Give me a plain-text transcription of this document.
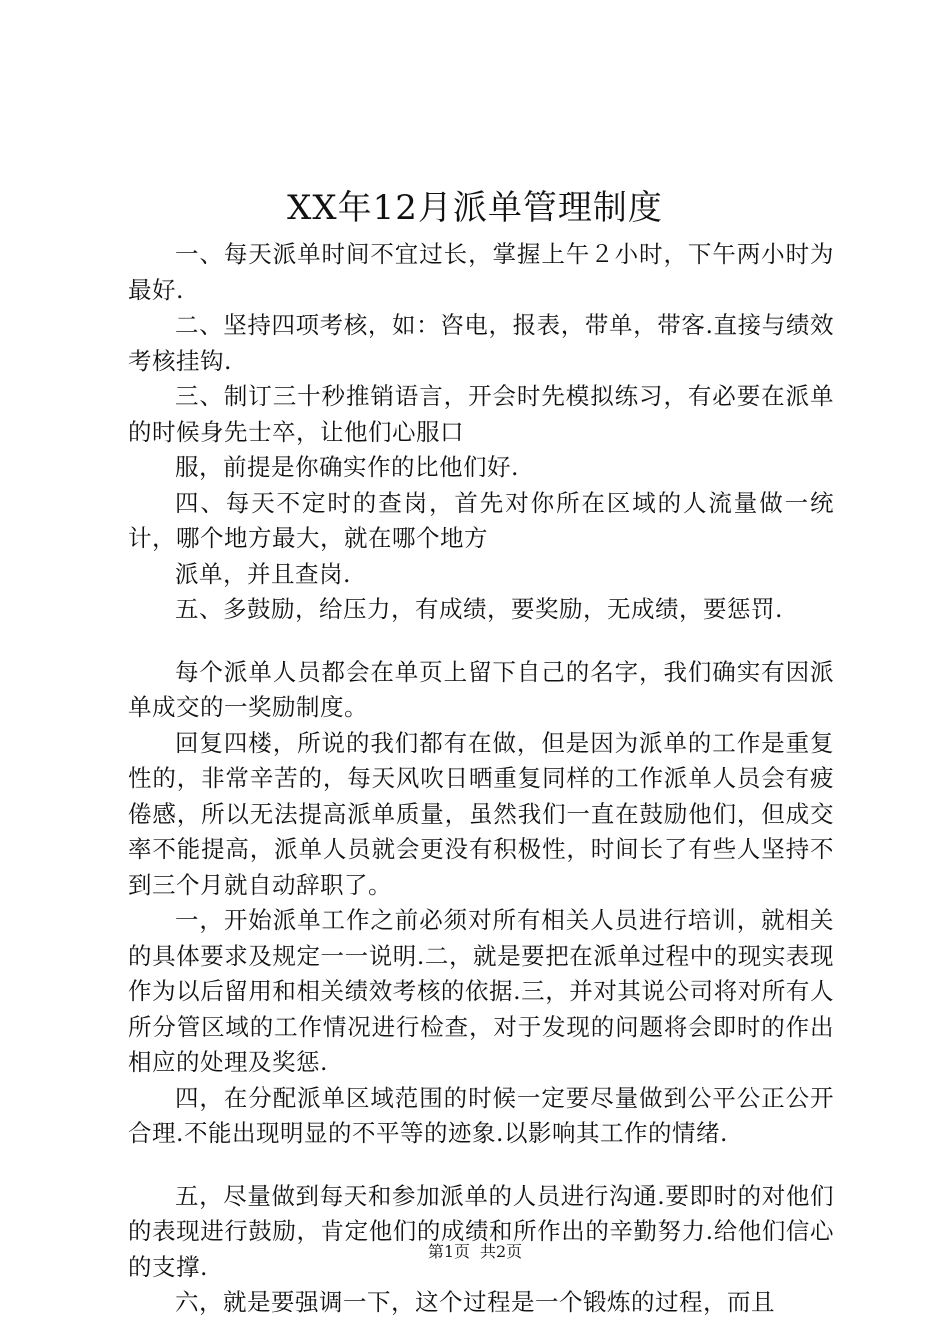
XX年12月派单管理制度

一、每天派单时间不宜过长，掌握上午２小时，下午两小时为最好.

二、坚持四项考核，如：咨电，报表，带单，带客.直接与绩效考核挂钩.

三、制订三十秒推销语言，开会时先模拟练习，有必要在派单的时候身先士卒，让他们心服口

服，前提是你确实作的比他们好.

四、每天不定时的查岗，首先对你所在区域的人流量做一统计，哪个地方最大，就在哪个地方

派单，并且查岗.

五、多鼓励，给压力，有成绩，要奖励，无成绩，要惩罚.

每个派单人员都会在单页上留下自己的名字，我们确实有因派单成交的一奖励制度。

回复四楼，所说的我们都有在做，但是因为派单的工作是重复性的，非常辛苦的，每天风吹日晒重复同样的工作派单人员会有疲倦感，所以无法提高派单质量，虽然我们一直在鼓励他们，但成交率不能提高，派单人员就会更没有积极性，时间长了有些人坚持不到三个月就自动辞职了。

一，开始派单工作之前必须对所有相关人员进行培训，就相关的具体要求及规定一一说明.二，就是要把在派单过程中的现实表现作为以后留用和相关绩效考核的依据.三，并对其说公司将对所有人所分管区域的工作情况进行检查，对于发现的问题将会即时的作出相应的处理及奖惩.

四，在分配派单区域范围的时候一定要尽量做到公平公正公开合理.不能出现明显的不平等的迹象.以影响其工作的情绪.

五，尽量做到每天和参加派单的人员进行沟通.要即时的对他们的表现进行鼓励，肯定他们的成绩和所作出的辛勤努力.给他们信心的支撑.

六，就是要强调一下，这个过程是一个锻炼的过程，而且

第1页 共2页
